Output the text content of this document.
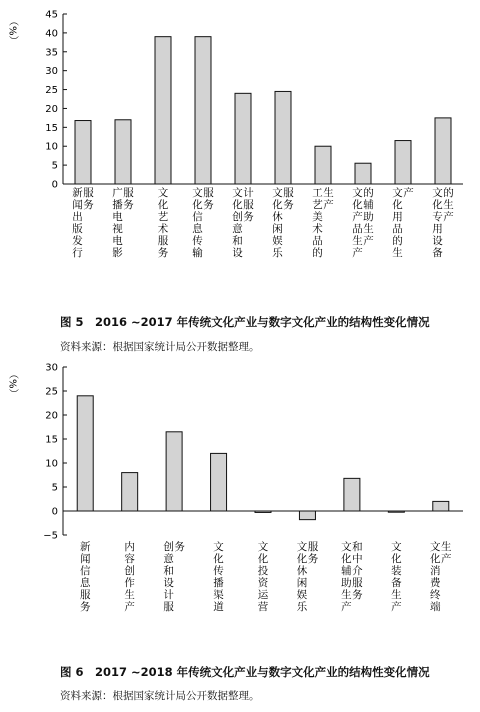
（%）
0
5
10
15
20
25
30
35
40
45
新闻出版发行服务
广播电视电影服务
文化艺术服务
文化信息传输服务
文化创意和设计服务
文化休闲娱乐服务
工艺美术品的生产
文化产品生产的辅助生产
文化用品的生产 文化专用设备的生产
图 5　2016 ~2017 年传统文化产业与数字文化产业的结构性变化情况
资料来源：根据国家统计局公开数据整理。
（%）
−5
0
5
10
15
20
25
30
新闻信息服务
内容创作生产
创意和设计服务	文化传播渠道
文化投资运营
文化休闲娱乐服务
文化辅助生产和中介服务
文化装备生产
文化消费终端生产
图 6　2017 ~2018 年传统文化产业与数字文化产业的结构性变化情况
资料来源：根据国家统计局公开数据整理。
